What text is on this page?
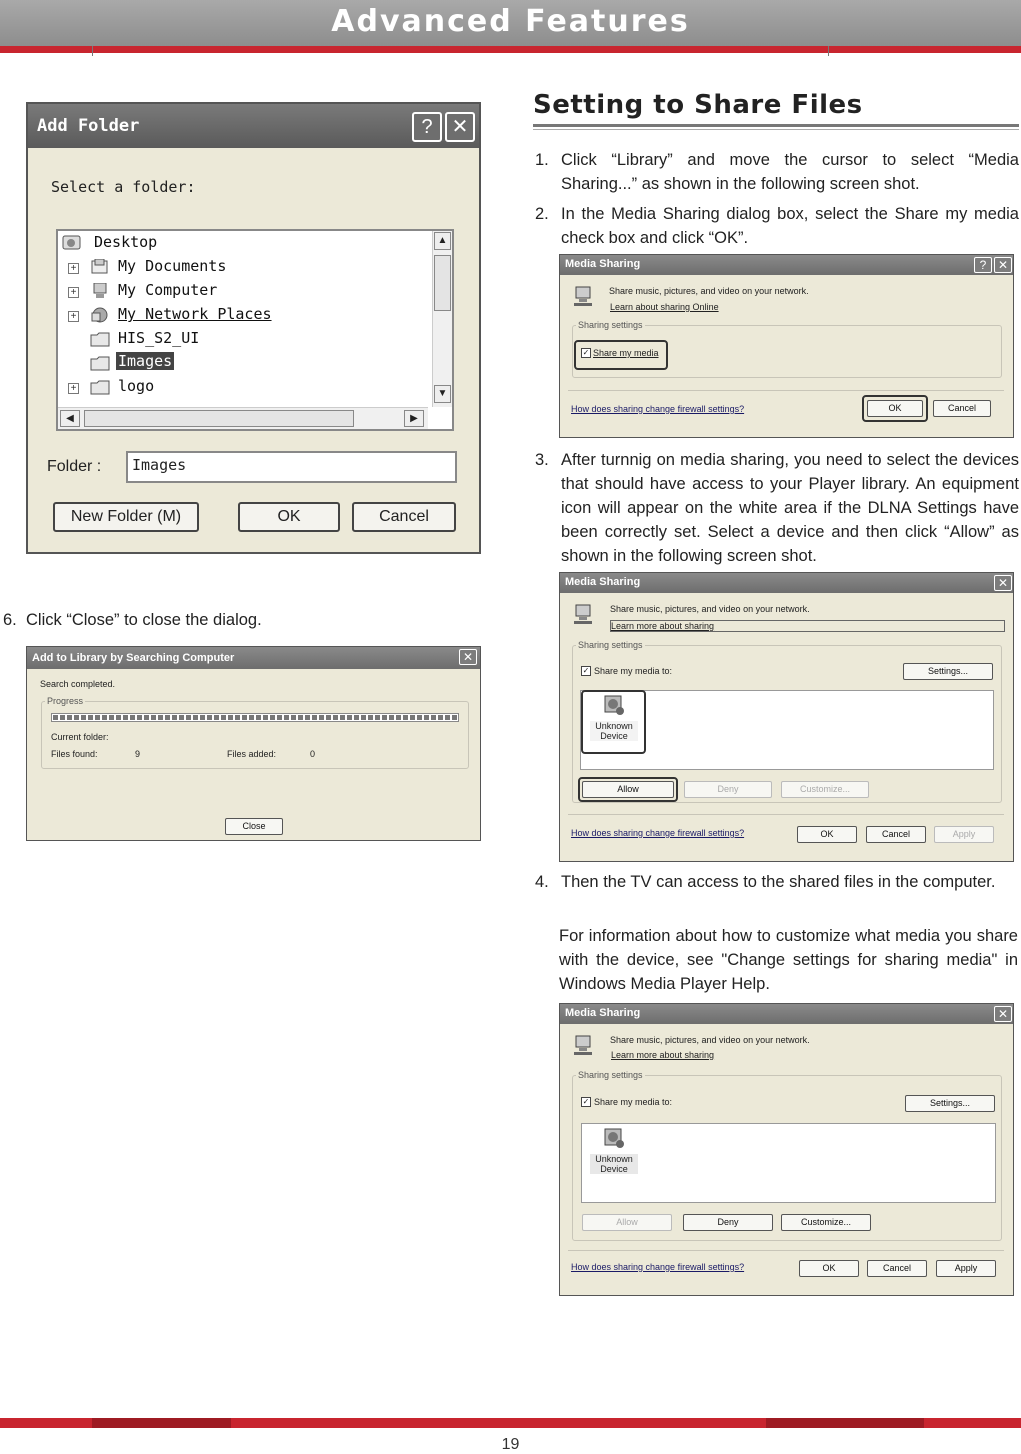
Advanced Features
Add Folder	? ✕
Select a folder:
Desktop
+	My Documents
+	My Computer
+	My Network Places
HIS_S2_UI
Images
+	logo
▲
▼
◀	▶
Folder :	Images
New Folder (M)	OK	Cancel
6. Click “Close” to close the dialog.
Add to Library by Searching Computer	✕
Search completed.
Progress
Current folder:
Files found:	9	Files added:	0
Close
Setting to Share Files
1. Click “Library” and move the cursor to select “Media Sharing...” as shown in the following screen shot.
2. In the Media Sharing dialog box, select the Share my media check box and click “OK”.
Media Sharing	? ✕
Share music, pictures, and video on your network.
Learn about sharing Online
Sharing settings
✓ Share my media
How does sharing change firewall settings?	OK	Cancel
3. After turnnig on media sharing, you need to select the devices that should have access to your Player library. An equipment icon will appear on the white area if the DLNA Settings have been correctly set. Select a device and then click “Allow” as shown in the following screen shot.
Media Sharing	✕
Share music, pictures, and video on your network.
Learn more about sharing
Sharing settings
✓ Share my media to:	Settings...
Unknown Device
Allow	Deny	Customize...
How does sharing change firewall settings?	OK	Cancel	Apply
4. Then the TV can access to the shared files in the computer.
For information about how to customize what media you share with the device, see "Change settings for sharing media" in Windows Media Player Help.
Media Sharing	✕
Share music, pictures, and video on your network.
Learn more about sharing
Sharing settings
✓ Share my media to:	Settings...
Unknown Device
Allow	Deny	Customize...
How does sharing change firewall settings?	OK	Cancel	Apply
19
